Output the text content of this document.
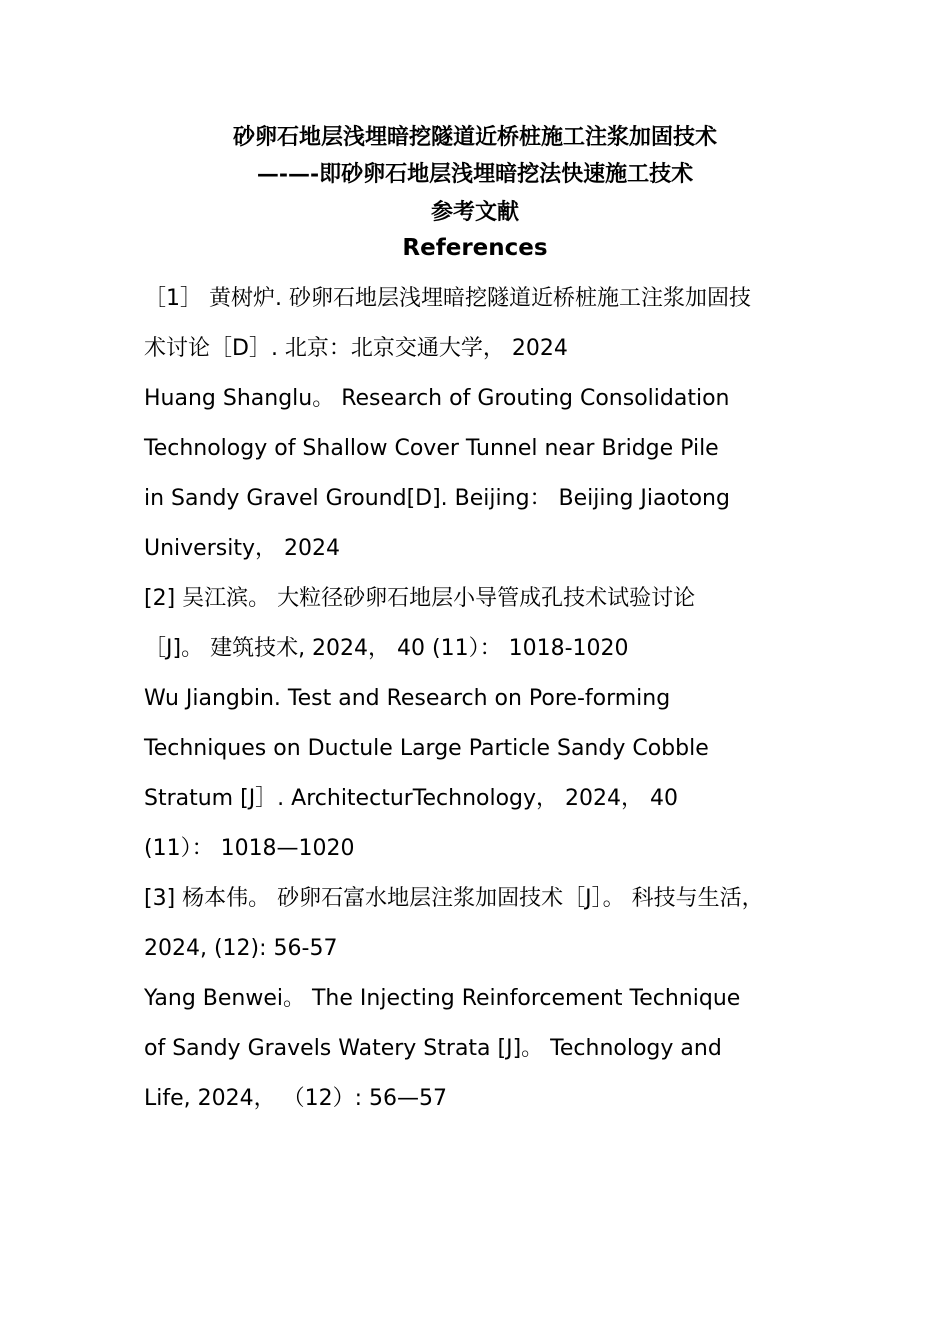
砂卵石地层浅埋暗挖隧道近桥桩施工注浆加固技术
—-—-即砂卵石地层浅埋暗挖法快速施工技术
参考文献
References
［1］ 黄树炉. 砂卵石地层浅埋暗挖隧道近桥桩施工注浆加固技
术讨论［D］. 北京：北京交通大学， 2024
Huang Shanglu。 Research of Grouting Consolidation
Technology of Shallow Cover Tunnel near Bridge Pile
in Sandy Gravel Ground[D]. Beijing： Beijing Jiaotong
University， 2024
[2] 吴江滨。 大粒径砂卵石地层小导管成孔技术试验讨论
［J]。 建筑技术, 2024， 40 (11）： 1018-1020
Wu Jiangbin. Test and Research on Pore-forming
Techniques on Ductule Large Particle Sandy Cobble
Stratum [J］. ArchitecturTechnology， 2024， 40
(11）： 1018—1020
[3] 杨本伟。 砂卵石富水地层注浆加固技术［J］。 科技与生活，
2024, (12): 56-57
Yang Benwei。 The Injecting Reinforcement Technique
of Sandy Gravels Watery Strata [J]。 Technology and
Life, 2024， （12）: 56—57
